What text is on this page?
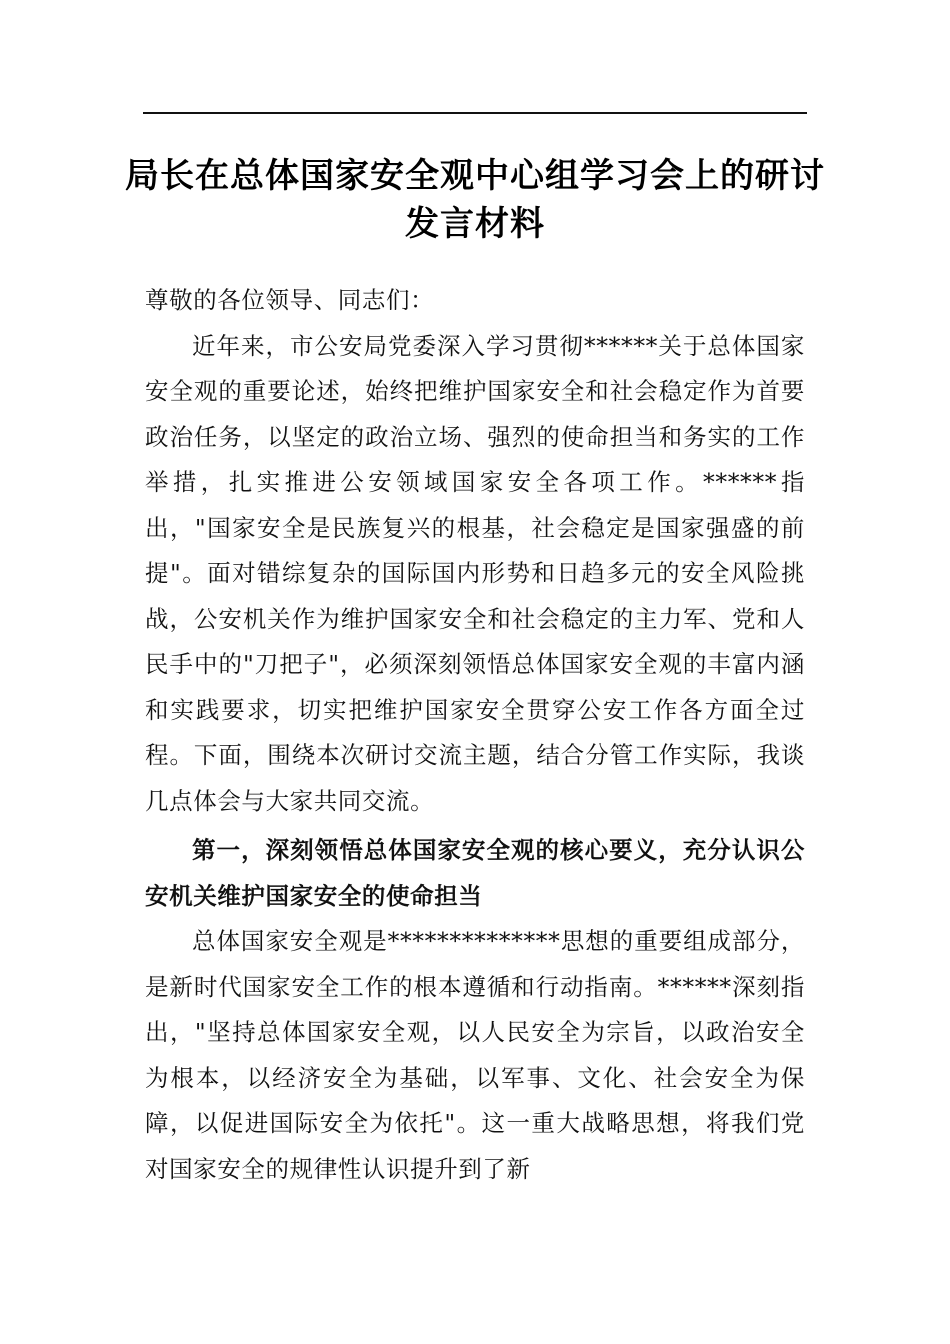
局长在总体国家安全观中心组学习会上的研讨发言材料

尊敬的各位领导、同志们：

近年来，市公安局党委深入学习贯彻******关于总体国家安全观的重要论述，始终把维护国家安全和社会稳定作为首要政治任务，以坚定的政治立场、强烈的使命担当和务实的工作举措，扎实推进公安领域国家安全各项工作。******指出，"国家安全是民族复兴的根基，社会稳定是国家强盛的前提"。面对错综复杂的国际国内形势和日趋多元的安全风险挑战，公安机关作为维护国家安全和社会稳定的主力军、党和人民手中的"刀把子"，必须深刻领悟总体国家安全观的丰富内涵和实践要求，切实把维护国家安全贯穿公安工作各方面全过程。下面，围绕本次研讨交流主题，结合分管工作实际，我谈几点体会与大家共同交流。

第一，深刻领悟总体国家安全观的核心要义，充分认识公安机关维护国家安全的使命担当

总体国家安全观是**************思想的重要组成部分，是新时代国家安全工作的根本遵循和行动指南。******深刻指出，"坚持总体国家安全观，以人民安全为宗旨，以政治安全为根本，以经济安全为基础，以军事、文化、社会安全为保障，以促进国际安全为依托"。这一重大战略思想，将我们党对国家安全的规律性认识提升到了新
